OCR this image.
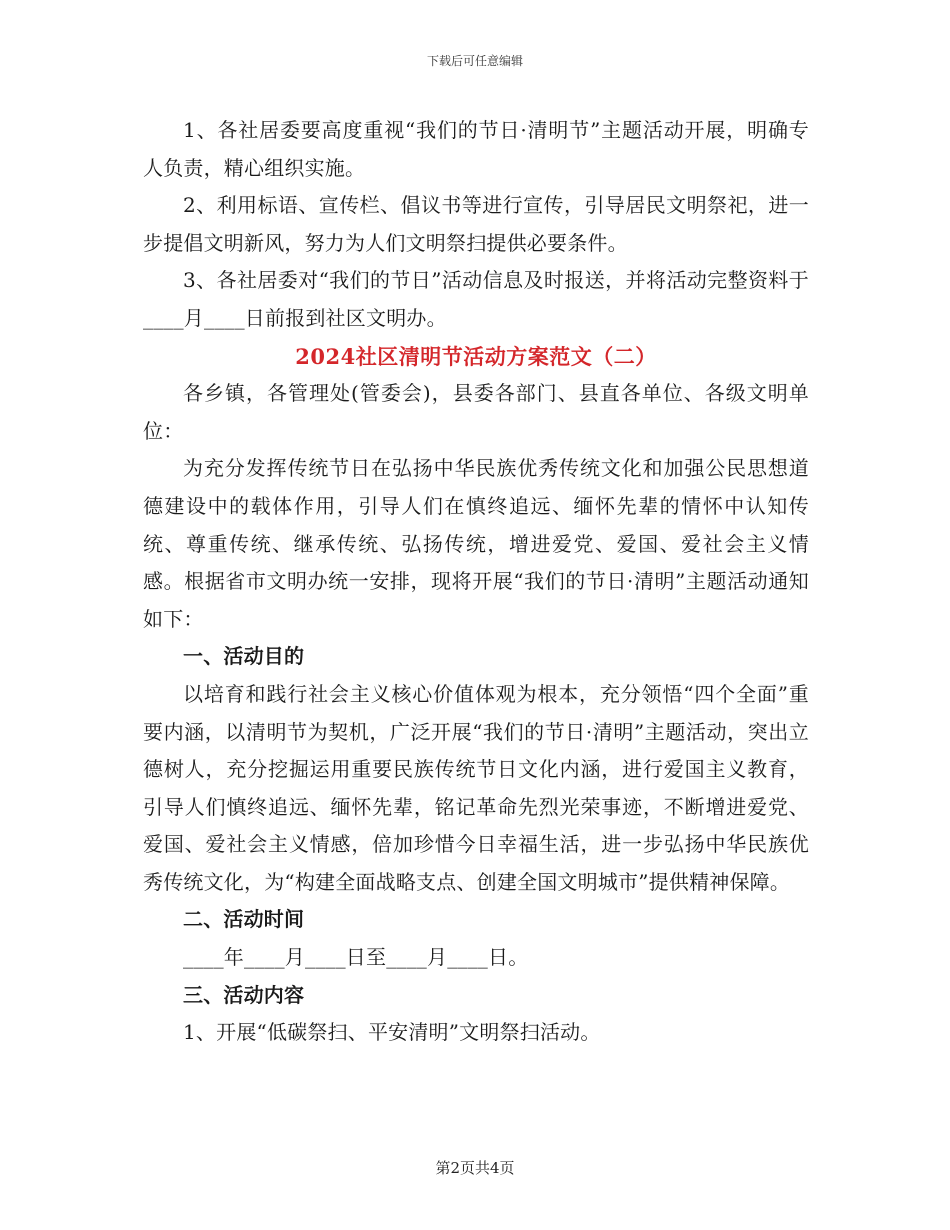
下载后可任意编辑

1、各社居委要高度重视“我们的节日·清明节”主题活动开展，明确专人负责，精心组织实施。

2、利用标语、宣传栏、倡议书等进行宣传，引导居民文明祭祀，进一步提倡文明新风，努力为人们文明祭扫提供必要条件。

3、各社居委对“我们的节日”活动信息及时报送，并将活动完整资料于____月____日前报到社区文明办。

2024社区清明节活动方案范文（二）

各乡镇，各管理处(管委会)，县委各部门、县直各单位、各级文明单位：

为充分发挥传统节日在弘扬中华民族优秀传统文化和加强公民思想道德建设中的载体作用，引导人们在慎终追远、缅怀先辈的情怀中认知传统、尊重传统、继承传统、弘扬传统，增进爱党、爱国、爱社会主义情感。根据省市文明办统一安排，现将开展“我们的节日·清明”主题活动通知如下：

一、活动目的

以培育和践行社会主义核心价值体观为根本，充分领悟“四个全面”重要内涵，以清明节为契机，广泛开展“我们的节日·清明”主题活动，突出立德树人，充分挖掘运用重要民族传统节日文化内涵，进行爱国主义教育，引导人们慎终追远、缅怀先辈，铭记革命先烈光荣事迹，不断增进爱党、爱国、爱社会主义情感，倍加珍惜今日幸福生活，进一步弘扬中华民族优秀传统文化，为“构建全面战略支点、创建全国文明城市”提供精神保障。

二、活动时间

____年____月____日至____月____日。

三、活动内容

1、开展“低碳祭扫、平安清明”文明祭扫活动。

第2页共4页
